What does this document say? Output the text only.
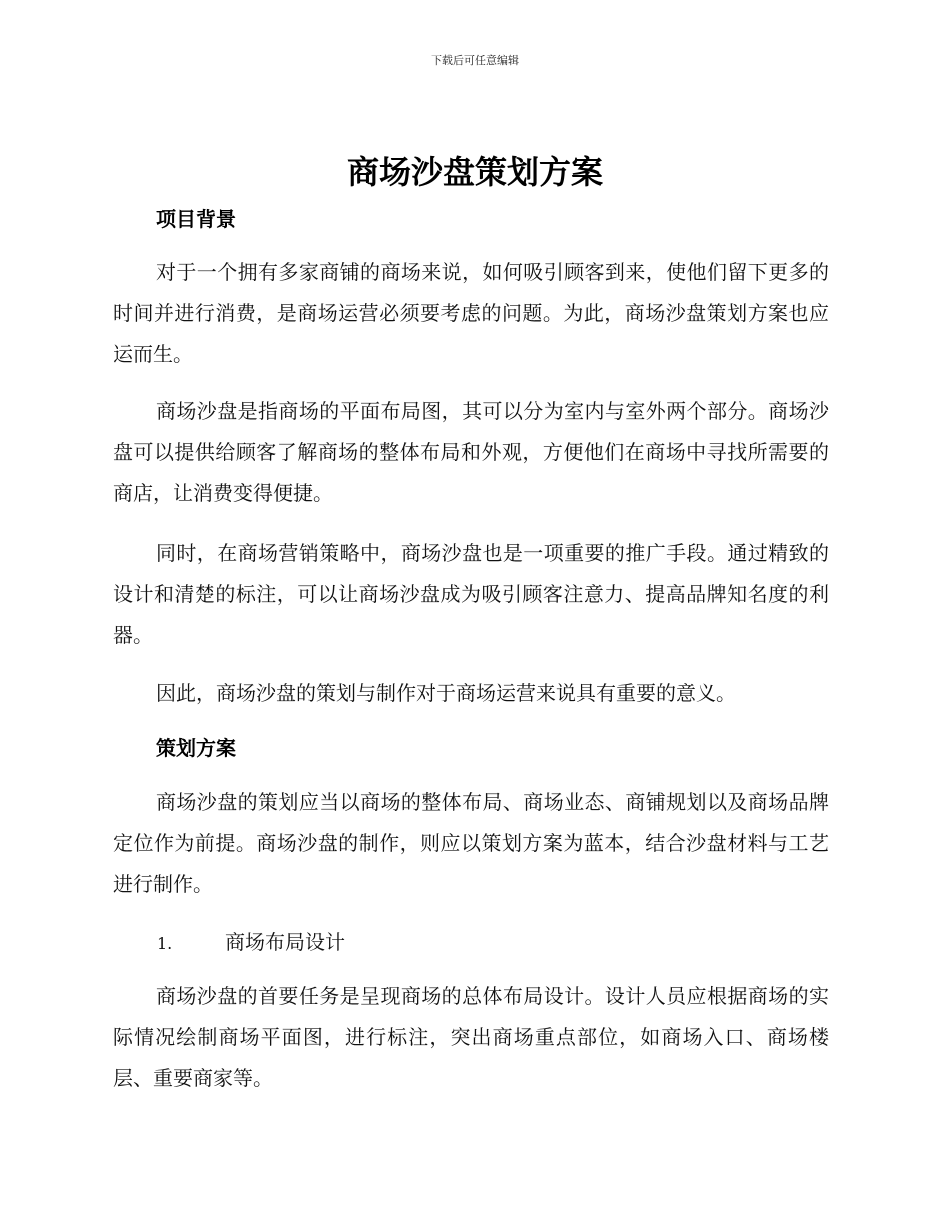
下载后可任意编辑
商场沙盘策划方案
项目背景

对于一个拥有多家商铺的商场来说，如何吸引顾客到来，使他们留下更多的时间并进行消费，是商场运营必须要考虑的问题。为此，商场沙盘策划方案也应运而生。

商场沙盘是指商场的平面布局图，其可以分为室内与室外两个部分。商场沙盘可以提供给顾客了解商场的整体布局和外观，方便他们在商场中寻找所需要的商店，让消费变得便捷。

同时，在商场营销策略中，商场沙盘也是一项重要的推广手段。通过精致的设计和清楚的标注，可以让商场沙盘成为吸引顾客注意力、提高品牌知名度的利器。

因此，商场沙盘的策划与制作对于商场运营来说具有重要的意义。

策划方案

商场沙盘的策划应当以商场的整体布局、商场业态、商铺规划以及商场品牌定位作为前提。商场沙盘的制作，则应以策划方案为蓝本，结合沙盘材料与工艺进行制作。

1.	商场布局设计

商场沙盘的首要任务是呈现商场的总体布局设计。设计人员应根据商场的实际情况绘制商场平面图，进行标注，突出商场重点部位，如商场入口、商场楼层、重要商家等。
